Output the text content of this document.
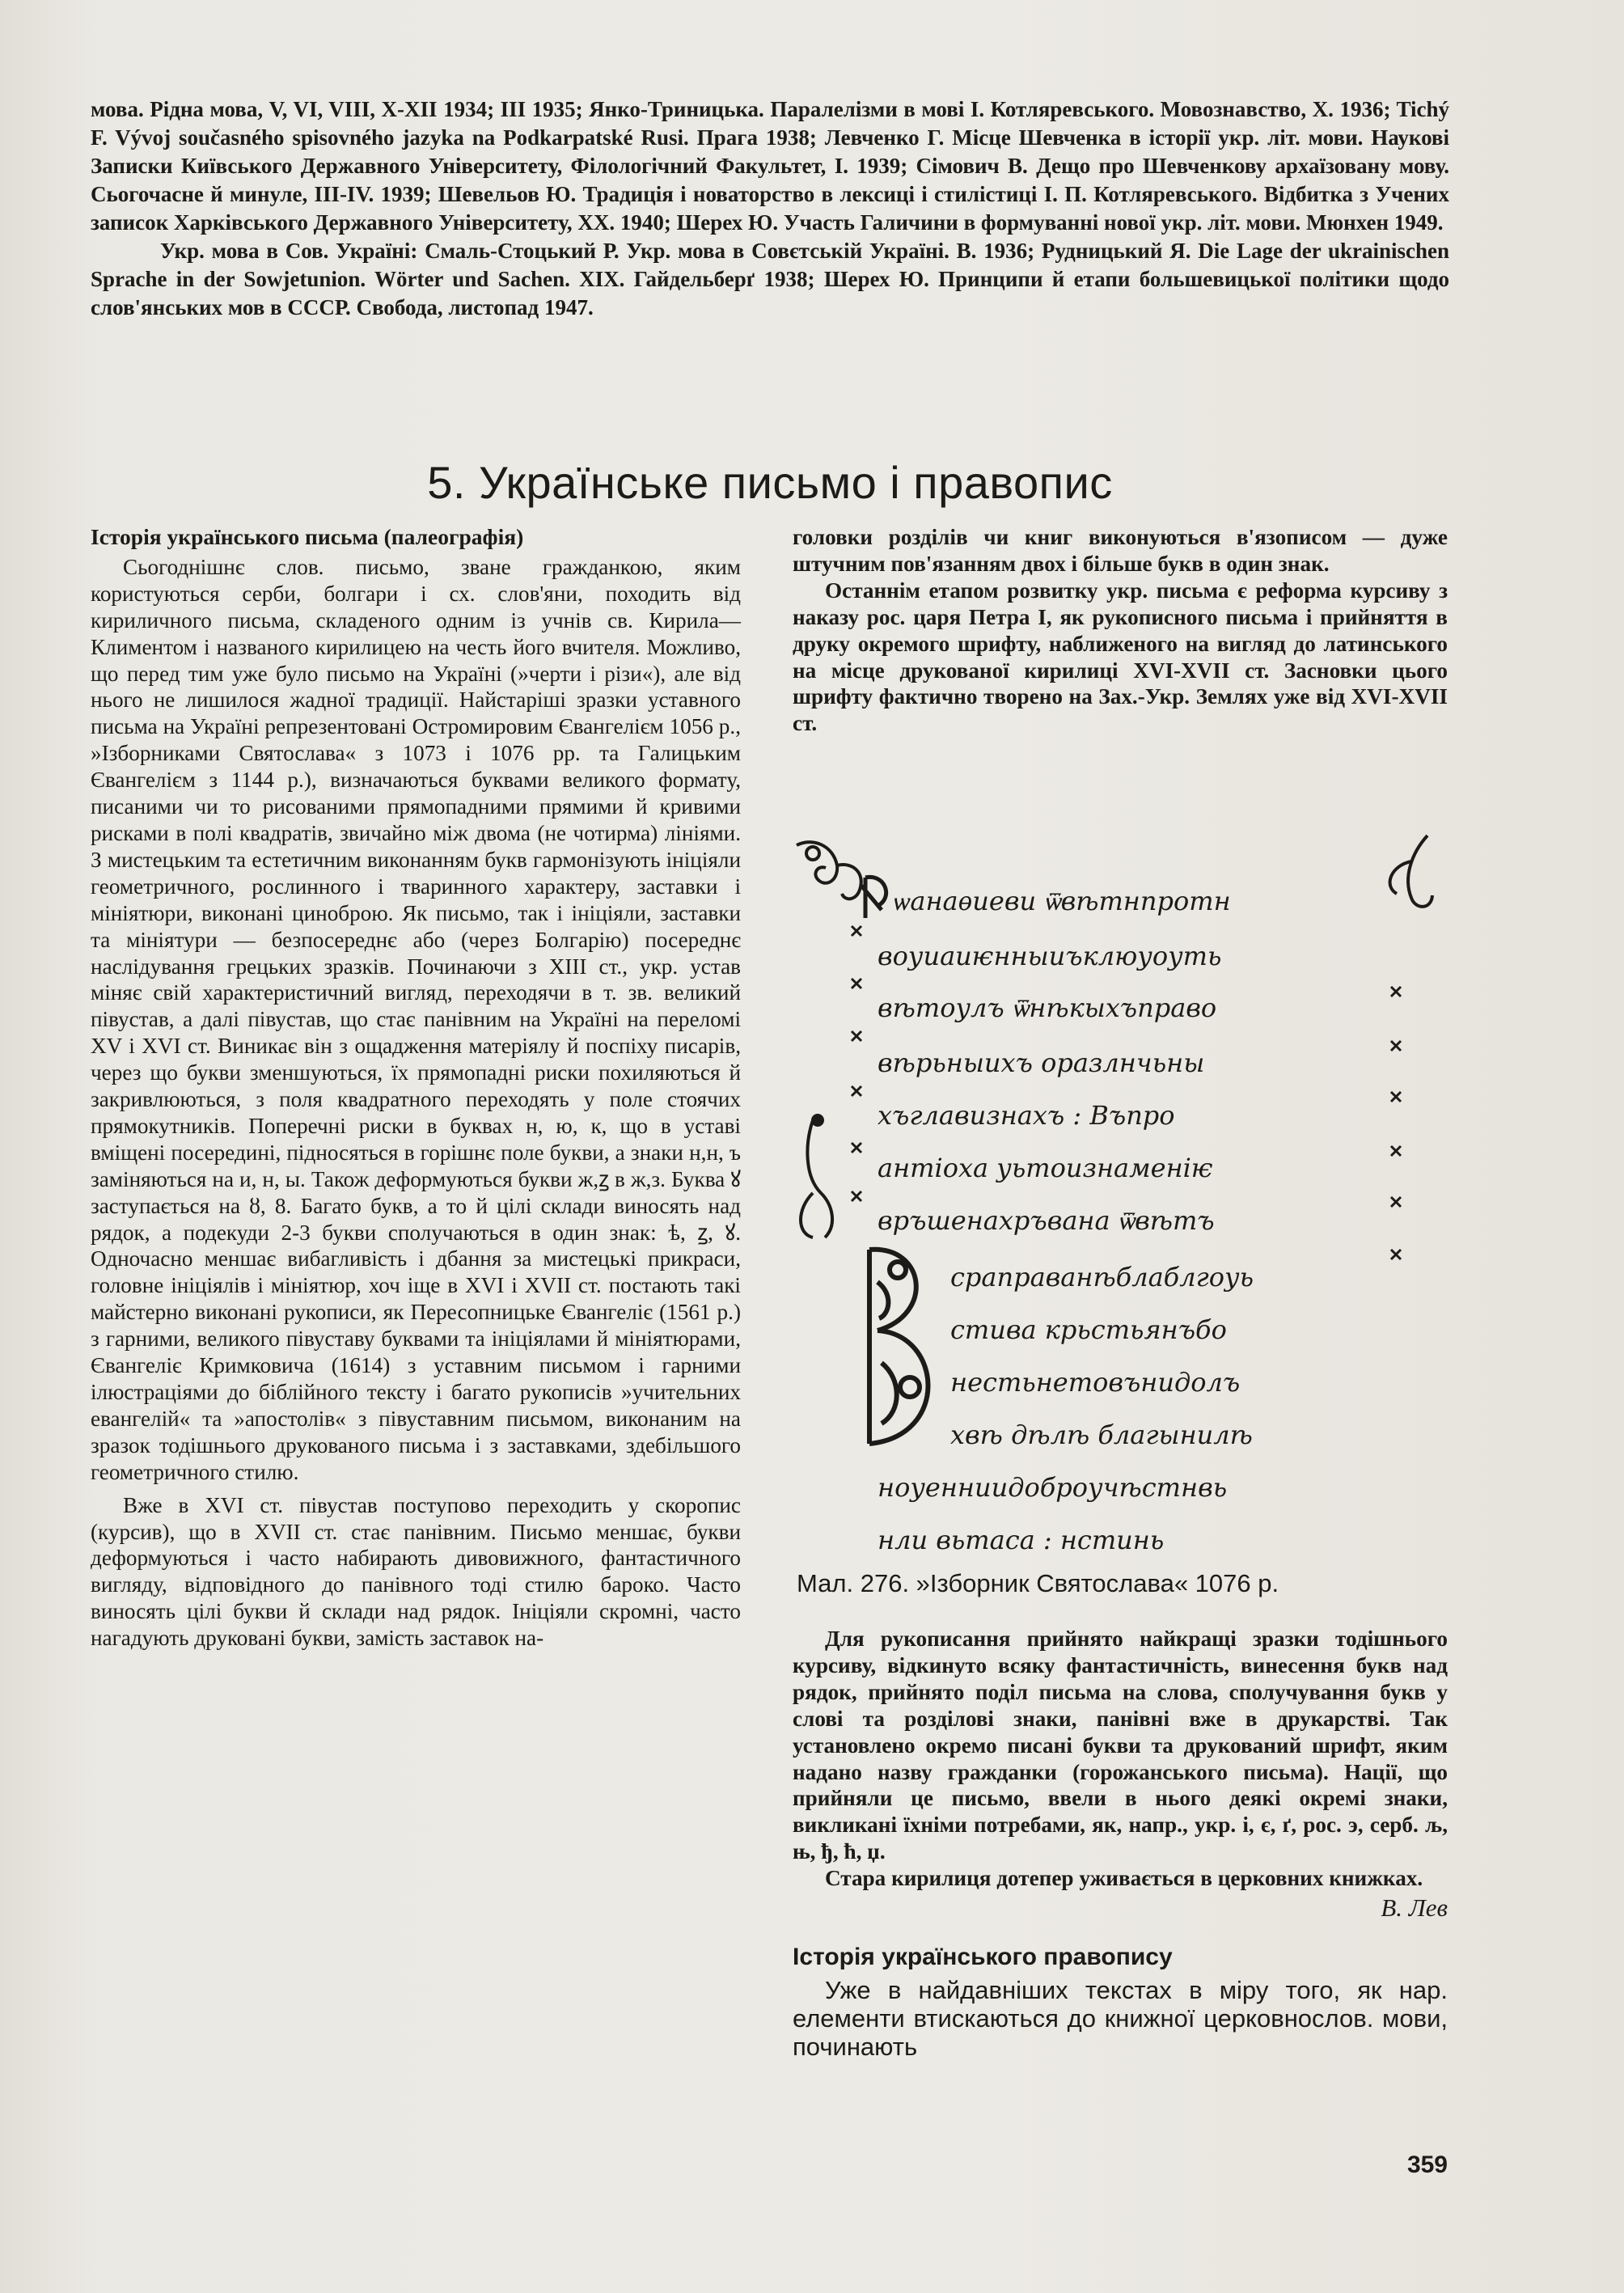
мова. Рідна мова, V, VI, VIII, X-XII 1934; III 1935; Янко-Триницька. Паралелізми в мові І. Котляревського. Мовознавство, X. 1936; Tichý F. Vývoj současného spisovného jazyka na Podkarpatské Rusi. Прага 1938; Левченко Г. Місце Шевченка в історії укр. літ. мови. Наукові Записки Київського Державного Університету, Філологічний Факультет, I. 1939; Сімович В. Дещо про Шевченкову архаїзовану мову. Сьогочасне й минуле, III-IV. 1939; Шевельов Ю. Традиція і новаторство в лексиці і стилістиці І. П. Котляревського. Відбитка з Учених записок Харківського Державного Університету, XX. 1940; Шерех Ю. Участь Галичини в формуванні нової укр. літ. мови. Мюнхен 1949.

Укр. мова в Сов. Україні: Смаль-Стоцький Р. Укр. мова в Совєтській Україні. В. 1936; Рудницький Я. Die Lage der ukrainischen Sprache in der Sowjetunion. Wörter und Sachen. XIX. Гайдельберґ 1938; Шерех Ю. Принципи й етапи большевицької політики щодо слов'янських мов в СССР. Свобода, листопад 1947.

5. Українське письмо і правопис

Історія українського письма (палеографія)

Сьогоднішнє слов. письмо, зване гражданкою, яким користуються серби, болгари і сх. слов'яни, походить від кириличного письма, складеного одним із учнів св. Кирила—Климентом і названого кирилицею на честь його вчителя. Можливо, що перед тим уже було письмо на Україні (»черти і різи«), але від нього не лишилося жадної традиції. Найстаріші зразки уставного письма на Україні репрезентовані Остромировим Євангелієм 1056 р., »Ізборниками Святослава« з 1073 і 1076 рр. та Галицьким Євангелієм з 1144 р.), визначаються буквами великого формату, писаними чи то рисованими прямопадними прямими й кривими рисками в полі квадратів, звичайно між двома (не чотирма) лініями. З мистецьким та естетичним виконанням букв гармонізують ініціяли геометричного, рослинного і тваринного характеру, заставки і мініятюри, виконані циноброю. Як письмо, так і ініціяли, заставки та мініятури — безпосереднє або (через Болгарію) посереднє наслідування грецьких зразків. Починаючи з XIII ст., укр. устав міняє свій характеристичний вигляд, переходячи в т. зв. великий півустав, а далі півустав, що стає панівним на Україні на переломі XV і XVI ст. Виникає він з ощадження матеріялу й поспіху писарів, через що букви зменшуються, їх прямопадні риски похиляються й закривлюються, з поля квадратного переходять у поле стоячих прямокутників. Поперечні риски в буквах н, ю, к, що в уставі вміщені посередині, підносяться в горішнє поле букви, а знаки н,н, ъ заміняються на и, н, ы. Також деформуються букви ж,ꙁ в ж,з. Буква ꙋ заступається на ȣ, 8. Багато букв, а то й цілі склади виносять над рядок, а подекуди 2-3 букви сполучаються в один знак: ѣ, ꙁ, ꙋ. Одночасно меншає вибагливість і дбання за мистецькі прикраси, головне ініціялів і мініятюр, хоч іще в XVI і XVII ст. постають такі майстерно виконані рукописи, як Пересопницьке Євангеліє (1561 р.) з гарними, великого півуставу буквами та ініціялами й мініятюрами, Євангеліє Кримковича (1614) з уставним письмом і гарними ілюстраціями до біблійного тексту і багато рукописів »учительних евангелій« та »апостолів« з півуставним письмом, виконаним на зразок тодішнього друкованого письма і з заставками, здебільшого геометричного стилю.

Вже в XVI ст. півустав поступово переходить у скоропис (курсив), що в XVII ст. стає панівним. Письмо меншає, букви деформуються і часто набирають дивовижного, фантастичного вигляду, відповідного до панівного тоді стилю бароко. Часто виносять цілі букви й склади над рядок. Ініціяли скромні, часто нагадують друковані букви, замість заставок на-

головки розділів чи книг виконуються в'язописом — дуже штучним пов'язанням двох і більше букв в один знак.

Останнім етапом розвитку укр. письма є реформа курсиву з наказу рос. царя Петра I, як рукописного письма і прийняття в друку окремого шрифту, наближеного на вигляд до латинського на місце друкованої кирилиці XVI-XVII ст. Засновки цього шрифту фактично творено на Зах.-Укр. Землях уже від XVI-XVII ст.

ѡанаѳиеви ѿвѣтнпротн
воуиаиѥнныиъклюуоуть
вѣтоулъ ѿнѣкыхъправо
вѣрьныихъ оразлнчьны
хъглавизнахъ : Въпро
антіоха уьтоизнаменіѥ
връшенахръвана ѿвѣтъ
сраправанѣблаблгоуь
стива крьстьянъбо
нестьнетовънидолъ
хвѣ дѣлѣ благынилѣ
ноуенниидоброучѣстнвь
нли вьтаса : нстинь
Мал. 276. »Ізборник Святослава« 1076 р.

Для рукописання прийнято найкращі зразки тодішнього курсиву, відкинуто всяку фантастичність, винесення букв над рядок, прийнято поділ письма на слова, сполучування букв у слові та розділові знаки, панівні вже в друкарстві. Так установлено окремо писані букви та друкований шрифт, яким надано назву гражданки (горожанського письма). Нації, що прийняли це письмо, ввели в нього деякі окремі знаки, викликані їхніми потребами, як, напр., укр. і, є, ґ, рос. э, серб. љ, њ, ђ, ћ, џ.

Стара кирилиця дотепер уживається в церковних книжках.

В. Лев

Історія українського правопису

Уже в найдавніших текстах в міру того, як нар. елементи втискаються до книжної церковнослов. мови, починають

359
